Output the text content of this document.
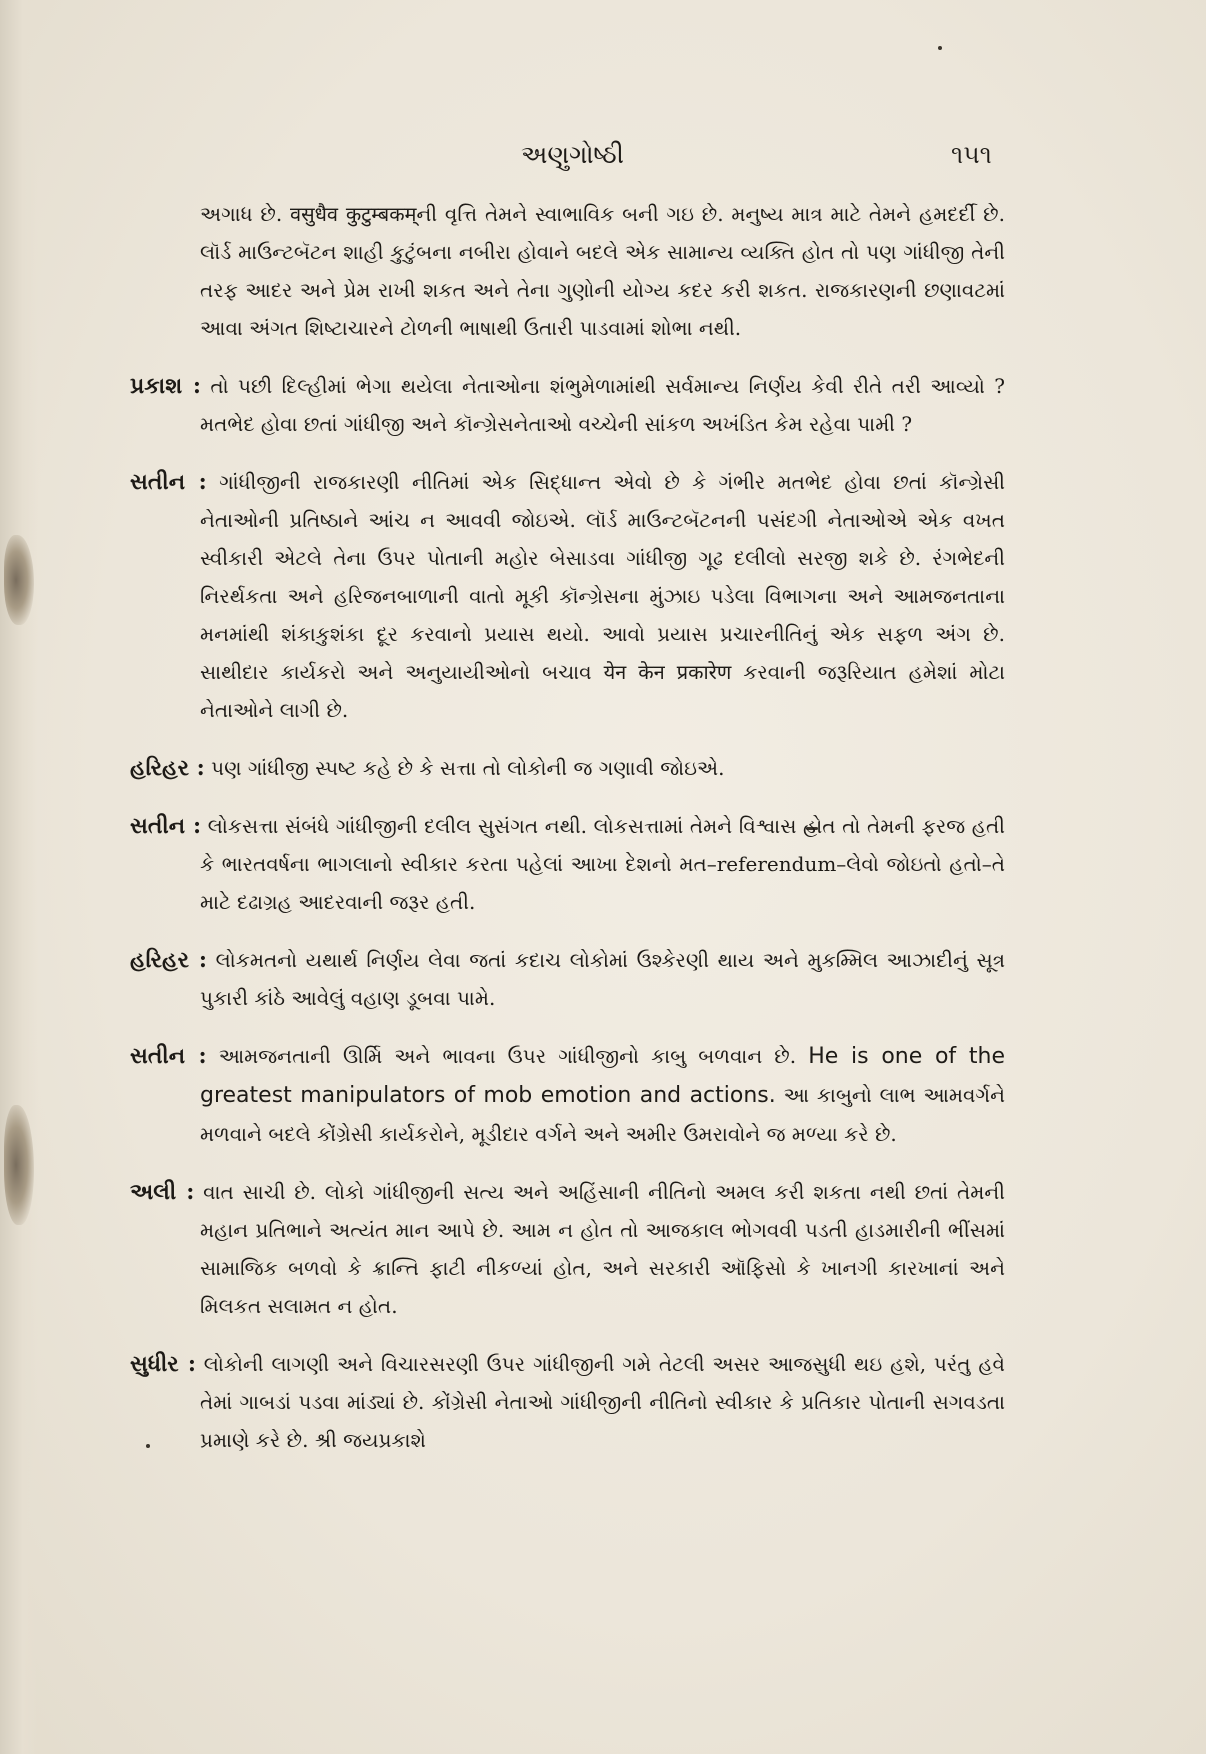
અણુગોષ્ઠી	૧૫૧

અગાધ છે. वसुधैव कुटुम्बकम्ની વૃત્તિ તેમને સ્વાભાવિક બની ગઇ છે. મનુષ્ય માત્ર માટે તેમને હમદર્દી છે. લૉર્ડ માઉન્ટબૅટન શાહી કુટુંબના નબીરા હોવાને બદલે એક સામાન્ય વ્યક્તિ હોત તો પણ ગાંધીજી તેની તરફ આદર અને પ્રેમ રાખી શકત અને તેના ગુણોની યોગ્ય કદર કરી શકત. રાજકારણની છણાવટમાં આવા અંગત શિષ્ટાચારને ટોળની ભાષાથી ઉતારી પાડવામાં શોભા નથી.

પ્રકાશ : તો પછી દિલ્હીમાં ભેગા થયેલા નેતાઓના શંભુમેળામાંથી સર્વમાન્ય નિર્ણય કેવી રીતે તરી આવ્યો ? મતભેદ હોવા છતાં ગાંધીજી અને કૉન્ગ્રેસનેતાઓ વચ્ચેની સાંકળ અખંડિત કેમ રહેવા પામી ?

સતીન : ગાંધીજીની રાજકારણી નીતિમાં એક સિદ્ધાન્ત એવો છે કે ગંભીર મતભેદ હોવા છતાં કૉન્ગ્રેસી નેતાઓની પ્રતિષ્ઠાને આંચ ન આવવી જોઇએ. લૉર્ડ માઉન્ટબૅટનની પસંદગી નેતાઓએ એક વખત સ્વીકારી એટલે તેના ઉપર પોતાની મહોર બેસાડવા ગાંધીજી ગૂઢ દલીલો સરજી શકે છે. રંગભેદની નિરર્થકતા અને હરિજનબાળાની વાતો મૂકી કૉન્ગ્રેસના મુંઝાઇ પડેલા વિભાગના અને આમજનતાના મનમાંથી શંકાકુશંકા દૂર કરવાનો પ્રયાસ થયો. આવો પ્રયાસ પ્રચારનીતિનું એક સફળ અંગ છે. સાથીદાર કાર્યકરો અને અનુયાયીઓનો બચાવ येन केन प्रकारेण કરવાની જરૂરિયાત હમેશાં મોટા નેતાઓને લાગી છે.

હરિહર : પણ ગાંધીજી સ્પષ્ટ કહે છે કે સત્તા તો લોકોની જ ગણાવી જોઇએ.

સતીન : લોકસત્તા સંબંધે ગાંધીજીની દલીલ સુસંગત નથી. લોકસત્તામાં તેમને વિશ્વાસ હોત તો તેમની ફરજ હતી કે ભારતવર્ષના ભાગલાનો સ્વીકાર કરતા પહેલાં આખા દેશનો મત–referendum–લેવો જોઇતો હતો–તે માટે દઢાગ્રહ આદરવાની જરૂર હતી.

હરિહર : લોકમતનો યથાર્થ નિર્ણય લેવા જતાં કદાચ લોકોમાં ઉશ્કેરણી થાય અને મુકમ્મિલ આઝાદીનું સૂત્ર પુકારી કાંઠે આવેલું વહાણ ડૂબવા પામે.

સતીન : આમજનતાની ઊર્મિ અને ભાવના ઉપર ગાંધીજીનો કાબુ બળવાન છે. He is one of the greatest manipulators of mob emotion and actions. આ કાબુનો લાભ આમવર્ગને મળવાને બદલે કોંગ્રેસી કાર્યકરોને, મૂડીદાર વર્ગને અને અમીર ઉમરાવોને જ મળ્યા કરે છે.

અલી : વાત સાચી છે. લોકો ગાંધીજીની સત્ય અને અહિંસાની નીતિનો અમલ કરી શકતા નથી છતાં તેમની મહાન પ્રતિભાને અત્યંત માન આપે છે. આમ ન હોત તો આજકાલ ભોગવવી પડતી હાડમારીની ભીંસમાં સામાજિક બળવો કે ક્રાન્તિ ફાટી નીકળ્યાં હોત, અને સરકારી ઑફિસો કે ખાનગી કારખાનાં અને મિલકત સલામત ન હોત.

સુધીર : લોકોની લાગણી અને વિચારસરણી ઉપર ગાંધીજીની ગમે તેટલી અસર આજસુધી થઇ હશે, પરંતુ હવે તેમાં ગાબડાં પડવા માંડ્યાં છે. કોંગ્રેસી નેતાઓ ગાંધીજીની નીતિનો સ્વીકાર કે પ્રતિકાર પોતાની સગવડતા પ્રમાણે કરે છે. શ્રી જયપ્રકાશે
